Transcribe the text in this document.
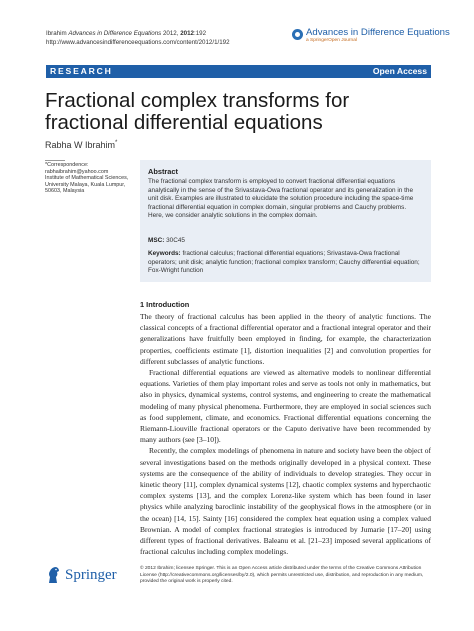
Ibrahim Advances in Difference Equations 2012, 2012:192
http://www.advancesindifferenceequations.com/content/2012/1/192
Advances in Difference Equations
a SpringerOpen Journal
RESEARCH	Open Access
Fractional complex transforms for fractional differential equations
Rabha W Ibrahim*
*Correspondence:
rabhaibrahim@yahoo.com
Institute of Mathematical Sciences,
University Malaya, Kuala Lumpur,
50603, Malaysia
Abstract
The fractional complex transform is employed to convert fractional differential equations analytically in the sense of the Srivastava-Owa fractional operator and its generalization in the unit disk. Examples are illustrated to elucidate the solution procedure including the space-time fractional differential equation in complex domain, singular problems and Cauchy problems. Here, we consider analytic solutions in the complex domain.
MSC: 30C45
Keywords: fractional calculus; fractional differential equations; Srivastava-Owa fractional operators; unit disk; analytic function; fractional complex transform; Cauchy differential equation; Fox-Wright function
1 Introduction

The theory of fractional calculus has been applied in the theory of analytic functions. The classical concepts of a fractional differential operator and a fractional integral operator and their generalizations have fruitfully been employed in finding, for example, the characterization properties, coefficients estimate [1], distortion inequalities [2] and convolution properties for different subclasses of analytic functions.

Fractional differential equations are viewed as alternative models to nonlinear differential equations. Varieties of them play important roles and serve as tools not only in mathematics, but also in physics, dynamical systems, control systems, and engineering to create the mathematical modeling of many physical phenomena. Furthermore, they are employed in social sciences such as food supplement, climate, and economics. Fractional differential equations concerning the Riemann-Liouville fractional operators or the Caputo derivative have been recommended by many authors (see [3–10]).

Recently, the complex modelings of phenomena in nature and society have been the object of several investigations based on the methods originally developed in a physical context. These systems are the consequence of the ability of individuals to develop strategies. They occur in kinetic theory [11], complex dynamical systems [12], chaotic complex systems and hyperchaotic complex systems [13], and the complex Lorenz-like system which has been found in laser physics while analyzing baroclinic instability of the geophysical flows in the atmosphere (or in the ocean) [14, 15]. Sainty [16] considered the complex heat equation using a complex valued Brownian. A model of complex fractional strategies is introduced by Jumarie [17–20] using different types of fractional derivatives. Baleanu et al. [21–23] imposed several applications of fractional calculus including complex modelings.

Springer	© 2012 Ibrahim; licensee Springer. This is an Open Access article distributed under the terms of the Creative Commons Attribution License (http://creativecommons.org/licenses/by/2.0), which permits unrestricted use, distribution, and reproduction in any medium, provided the original work is properly cited.
